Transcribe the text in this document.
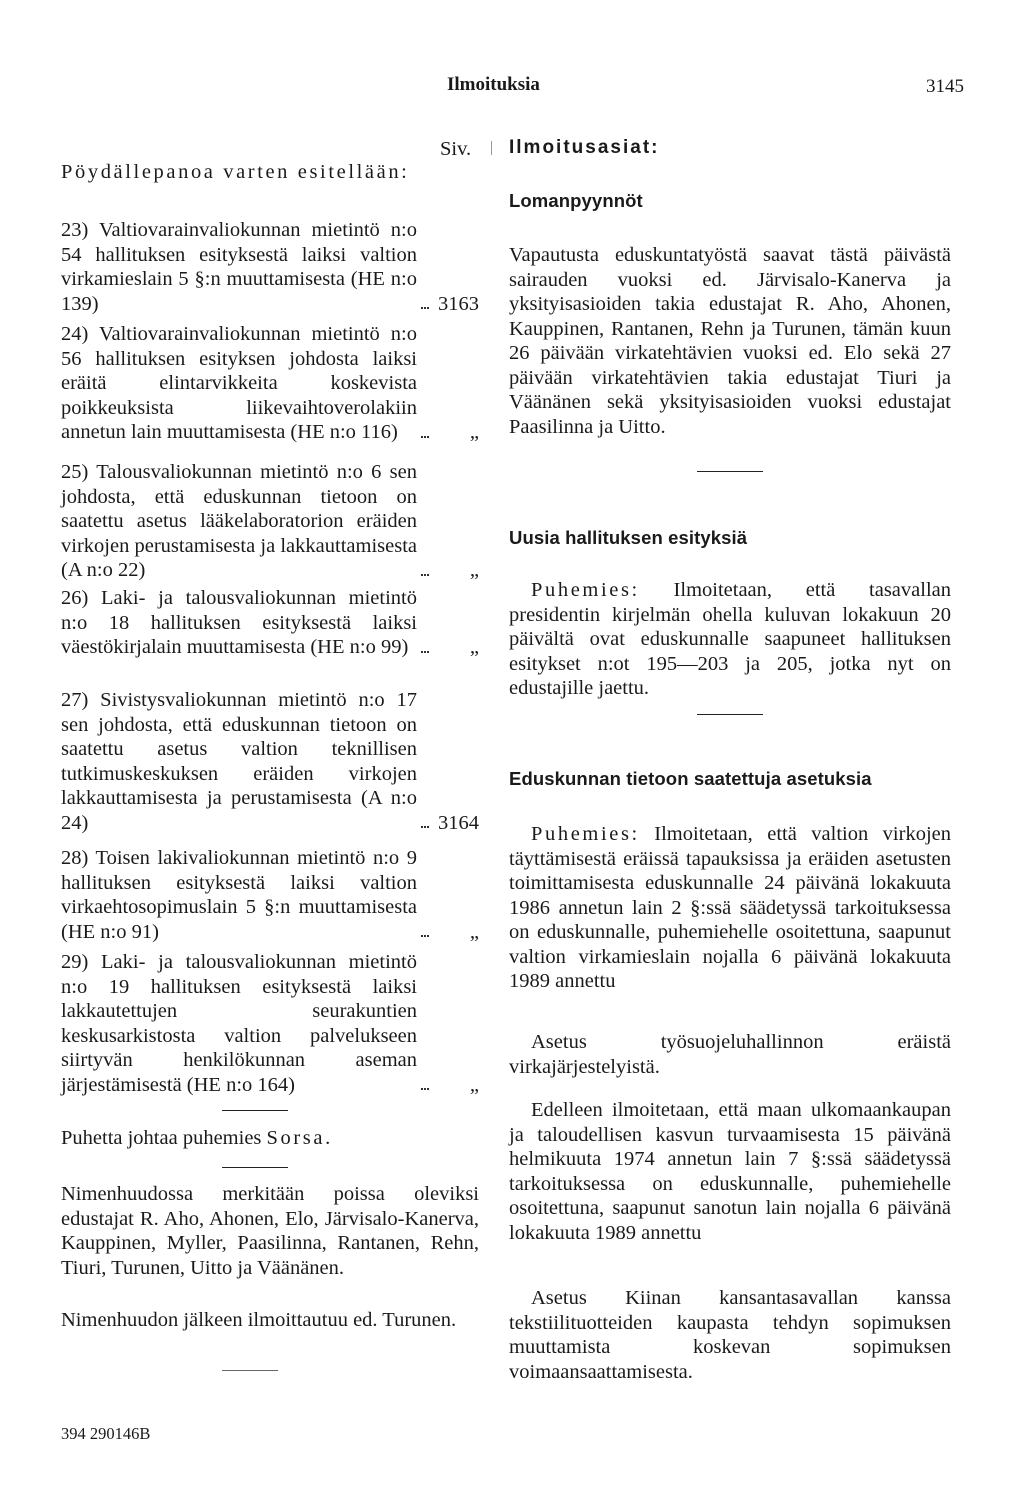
Ilmoituksia	3145
Siv.

Pöydällepanoa varten esitellään:

23) Valtiovarainvaliokunnan mietintö n:o 54 hallituksen esityksestä laiksi valtion virkamieslain 5 §:n muuttamisesta (HE n:o 139)	3163
24) Valtiovarainvaliokunnan mietintö n:o 56 hallituksen esityksen johdosta laiksi eräitä elintarvikkeita koskevista poikkeuksista liikevaihtoverolakiin annetun lain muuttamisesta (HE n:o 116)	„
25) Talousvaliokunnan mietintö n:o 6 sen johdosta, että eduskunnan tietoon on saatettu asetus lääkelaboratorion eräiden virkojen perustamisesta ja lakkauttamisesta (A n:o 22)	„
26) Laki- ja talousvaliokunnan mietintö n:o 18 hallituksen esityksestä laiksi väestökirjalain muuttamisesta (HE n:o 99)	„
27) Sivistysvaliokunnan mietintö n:o 17 sen johdosta, että eduskunnan tietoon on saatettu asetus valtion teknillisen tutkimuskeskuksen eräiden virkojen lakkauttamisesta ja perustamisesta (A n:o 24)	3164
28) Toisen lakivaliokunnan mietintö n:o 9 hallituksen esityksestä laiksi valtion virkaehtosopimuslain 5 §:n muuttamisesta (HE n:o 91)	„
29) Laki- ja talousvaliokunnan mietintö n:o 19 hallituksen esityksestä laiksi lakkautettujen seurakuntien keskusarkistosta valtion palvelukseen siirtyvän henkilökunnan aseman järjestämisestä (HE n:o 164)	„

Puhetta johtaa puhemies Sorsa.

Nimenhuudossa merkitään poissa oleviksi edustajat R. Aho, Ahonen, Elo, Järvisalo-Kanerva, Kauppinen, Myller, Paasilinna, Rantanen, Rehn, Tiuri, Turunen, Uitto ja Väänänen.

Nimenhuudon jälkeen ilmoittautuu ed. Turunen.

394 290146B

Ilmoitusasiat:

Lomanpyynnöt

Vapautusta eduskuntatyöstä saavat tästä päivästä sairauden vuoksi ed. Järvisalo-Kanerva ja yksityisasioiden takia edustajat R. Aho, Ahonen, Kauppinen, Rantanen, Rehn ja Turunen, tämän kuun 26 päivään virkatehtävien vuoksi ed. Elo sekä 27 päivään virkatehtävien takia edustajat Tiuri ja Väänänen sekä yksityisasioiden vuoksi edustajat Paasilinna ja Uitto.

Uusia hallituksen esityksiä

Puhemies: Ilmoitetaan, että tasavallan presidentin kirjelmän ohella kuluvan lokakuun 20 päivältä ovat eduskunnalle saapuneet hallituksen esitykset n:ot 195—203 ja 205, jotka nyt on edustajille jaettu.

Eduskunnan tietoon saatettuja asetuksia

Puhemies: Ilmoitetaan, että valtion virkojen täyttämisestä eräissä tapauksissa ja eräiden asetusten toimittamisesta eduskunnalle 24 päivänä lokakuuta 1986 annetun lain 2 §:ssä säädetyssä tarkoituksessa on eduskunnalle, puhemiehelle osoitettuna, saapunut valtion virkamieslain nojalla 6 päivänä lokakuuta 1989 annettu

Asetus työsuojeluhallinnon eräistä virkajärjestelyistä.

Edelleen ilmoitetaan, että maan ulkomaankaupan ja taloudellisen kasvun turvaamisesta 15 päivänä helmikuuta 1974 annetun lain 7 §:ssä säädetyssä tarkoituksessa on eduskunnalle, puhemiehelle osoitettuna, saapunut sanotun lain nojalla 6 päivänä lokakuuta 1989 annettu

Asetus Kiinan kansantasavallan kanssa tekstiilituotteiden kaupasta tehdyn sopimuksen muuttamista koskevan sopimuksen voimaansaattamisesta.
